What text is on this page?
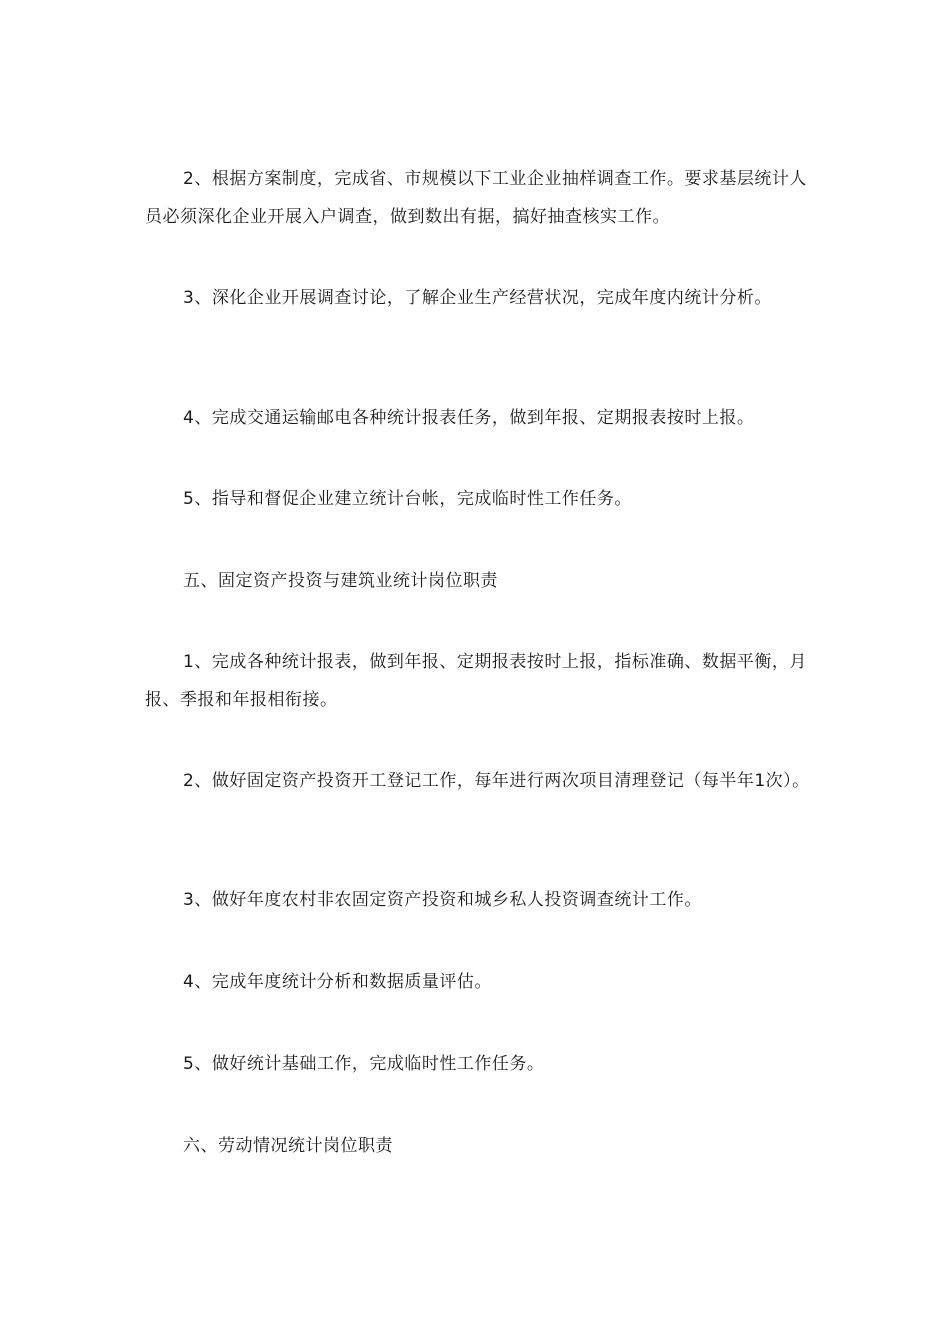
2、根据方案制度，完成省、市规模以下工业企业抽样调查工作。要求基层统计人员必须深化企业开展入户调查，做到数出有据，搞好抽查核实工作。

3、深化企业开展调查讨论，了解企业生产经营状况，完成年度内统计分析。

4、完成交通运输邮电各种统计报表任务，做到年报、定期报表按时上报。

5、指导和督促企业建立统计台帐，完成临时性工作任务。

五、固定资产投资与建筑业统计岗位职责

1、完成各种统计报表，做到年报、定期报表按时上报，指标准确、数据平衡，月报、季报和年报相衔接。

2、做好固定资产投资开工登记工作，每年进行两次项目清理登记（每半年1次）。

3、做好年度农村非农固定资产投资和城乡私人投资调查统计工作。

4、完成年度统计分析和数据质量评估。

5、做好统计基础工作，完成临时性工作任务。

六、劳动情况统计岗位职责
